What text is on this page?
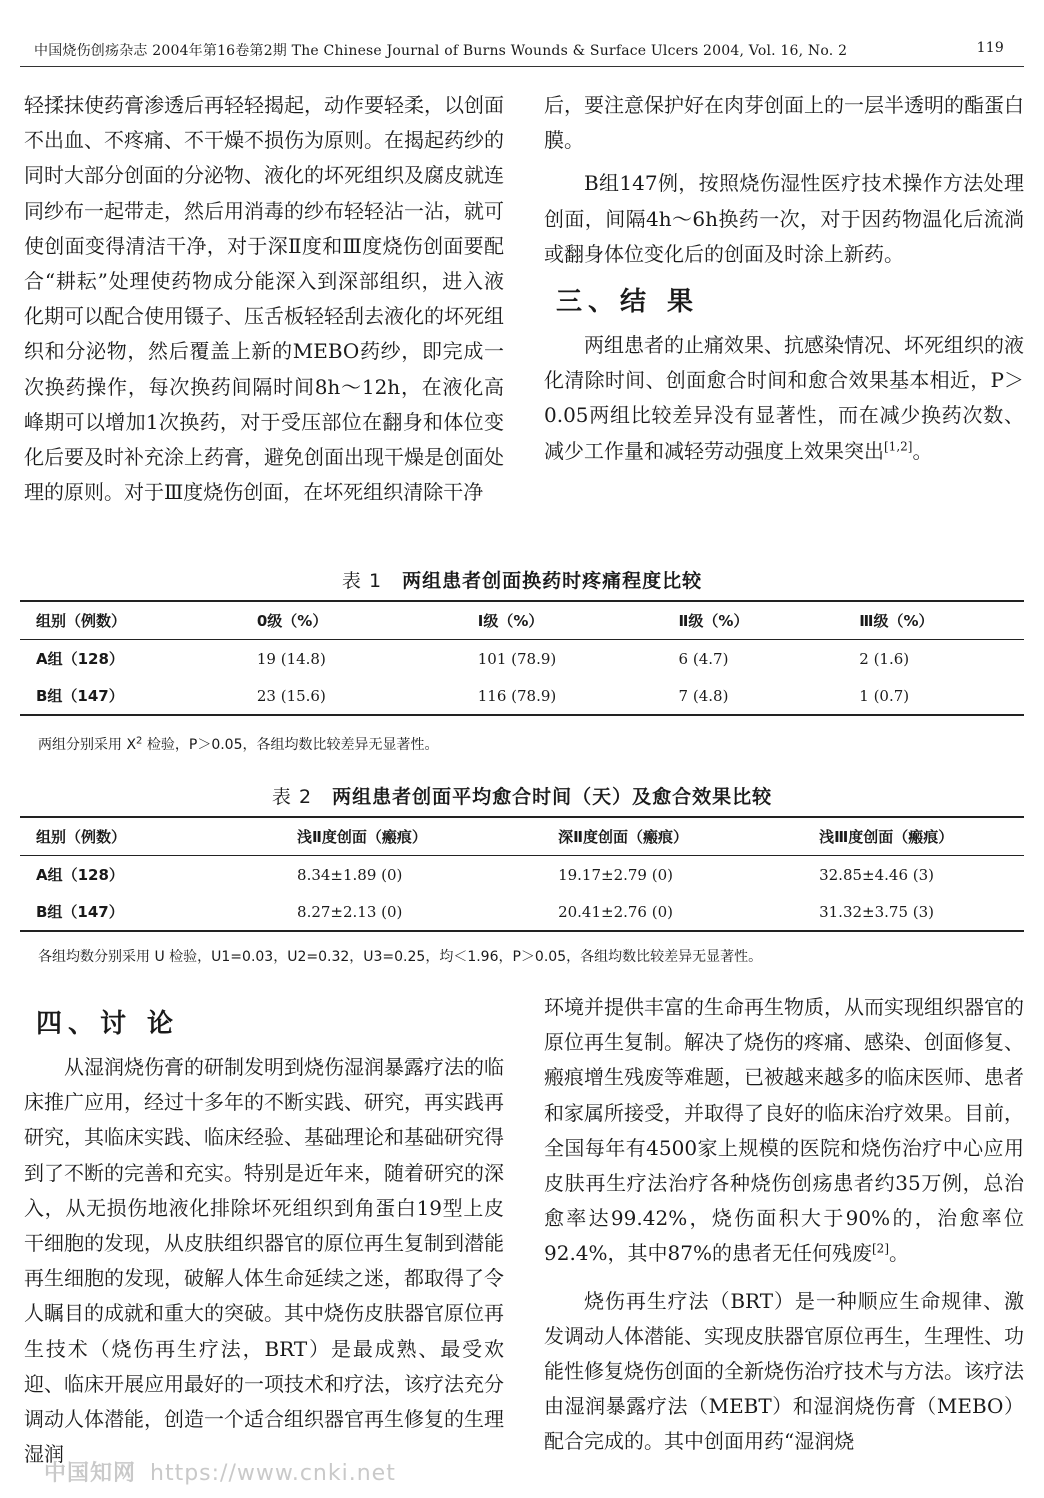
中国烧伤创疡杂志 2004年第16卷第2期 The Chinese Journal of Burns Wounds & Surface Ulcers 2004, Vol. 16, No. 2	119

轻揉抹使药膏渗透后再轻轻揭起，动作要轻柔，以创面不出血、不疼痛、不干燥不损伤为原则。在揭起药纱的同时大部分创面的分泌物、液化的坏死组织及腐皮就连同纱布一起带走，然后用消毒的纱布轻轻沾一沾，就可使创面变得清洁干净，对于深Ⅱ度和Ⅲ度烧伤创面要配合“耕耘”处理使药物成分能深入到深部组织，进入液化期可以配合使用镊子、压舌板轻轻刮去液化的坏死组织和分泌物，然后覆盖上新的MEBO药纱，即完成一次换药操作，每次换药间隔时间8h～12h，在液化高峰期可以增加1次换药，对于受压部位在翻身和体位变化后要及时补充涂上药膏，避免创面出现干燥是创面处理的原则。对于Ⅲ度烧伤创面，在坏死组织清除干净

后，要注意保护好在肉芽创面上的一层半透明的酯蛋白膜。

B组147例，按照烧伤湿性医疗技术操作方法处理创面，间隔4h～6h换药一次，对于因药物温化后流淌或翻身体位变化后的创面及时涂上新药。

三、结 果

两组患者的止痛效果、抗感染情况、坏死组织的液化清除时间、创面愈合时间和愈合效果基本相近，P＞0.05两组比较差异没有显著性，而在减少换药次数、减少工作量和减轻劳动强度上效果突出[1,2]。

表 1 两组患者创面换药时疼痛程度比较
组别（例数）	0级（%）	Ⅰ级（%）	Ⅱ级（%）	Ⅲ级（%）
A组（128）	19 (14.8)	101 (78.9)	6 (4.7)	2 (1.6)
B组（147）	23 (15.6)	116 (78.9)	7 (4.8)	1 (0.7)
两组分别采用 $X^2$ 检验，P＞0.05，各组均数比较差异无显著性。
表 2 两组患者创面平均愈合时间（天）及愈合效果比较
组别（例数）	浅Ⅱ度创面（瘢痕）	深Ⅱ度创面（瘢痕）	浅Ⅲ度创面（瘢痕）
A组（128）	8.34±1.89 (0)	19.17±2.79 (0)	32.85±4.46 (3)
B组（147）	8.27±2.13 (0)	20.41±2.76 (0)	31.32±3.75 (3)
各组均数分别采用 U 检验，U1=0.03，U2=0.32，U3=0.25，均＜1.96，P＞0.05，各组均数比较差异无显著性。
四、讨 论

从湿润烧伤膏的研制发明到烧伤湿润暴露疗法的临床推广应用，经过十多年的不断实践、研究，再实践再研究，其临床实践、临床经验、基础理论和基础研究得到了不断的完善和充实。特别是近年来，随着研究的深入，从无损伤地液化排除坏死组织到角蛋白19型上皮干细胞的发现，从皮肤组织器官的原位再生复制到潜能再生细胞的发现，破解人体生命延续之迷，都取得了令人瞩目的成就和重大的突破。其中烧伤皮肤器官原位再生技术（烧伤再生疗法，BRT）是最成熟、最受欢迎、临床开展应用最好的一项技术和疗法，该疗法充分调动人体潜能，创造一个适合组织器官再生修复的生理湿润

环境并提供丰富的生命再生物质，从而实现组织器官的原位再生复制。解决了烧伤的疼痛、感染、创面修复、瘢痕增生残废等难题，已被越来越多的临床医师、患者和家属所接受，并取得了良好的临床治疗效果。目前，全国每年有4500家上规模的医院和烧伤治疗中心应用皮肤再生疗法治疗各种烧伤创疡患者约35万例，总治愈率达99.42%，烧伤面积大于90%的，治愈率位92.4%，其中87%的患者无任何残废[2]。

烧伤再生疗法（BRT）是一种顺应生命规律、激发调动人体潜能、实现皮肤器官原位再生，生理性、功能性修复烧伤创面的全新烧伤治疗技术与方法。该疗法由湿润暴露疗法（MEBT）和湿润烧伤膏（MEBO）配合完成的。其中创面用药“湿润烧

中国知网 https://www.cnki.net
